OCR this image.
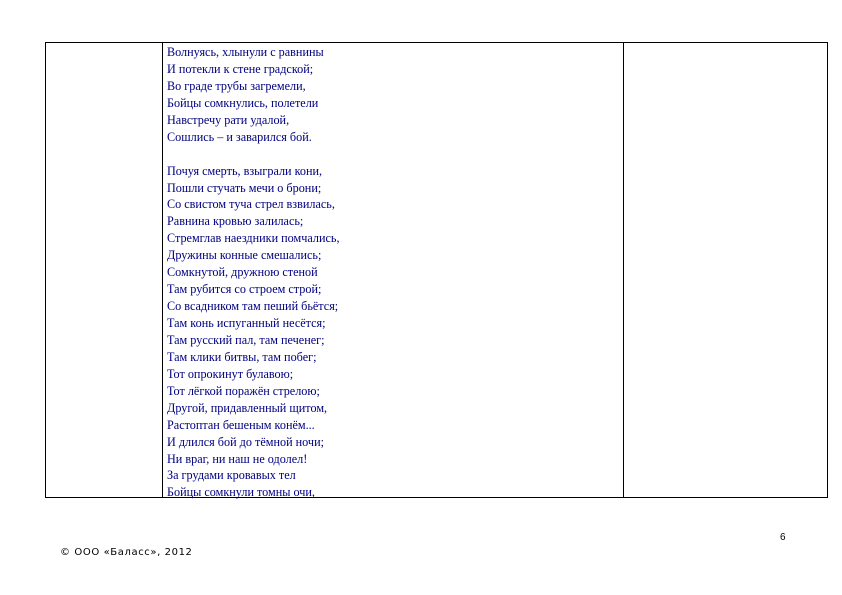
Волнуясь, хлынули с равнины
И потекли к стене градской;
Во граде трубы загремели,
Бойцы сомкнулись, полетели
Навстречу рати удалой,
Сошлись – и заварился бой.
Почуя смерть, взыграли кони,
Пошли стучать мечи о брони;
Со свистом туча стрел взвилась,
Равнина кровью залилась;
Стремглав наездники помчались,
Дружины конные смешались;
Сомкнутой, дружною стеной
Там рубится со строем строй;
Со всадником там пеший бьётся;
Там конь испуганный несётся;
Там русский пал, там печенег;
Там клики битвы, там побег;
Тот опрокинут булавою;
Тот лёгкой поражён стрелою;
Другой, придавленный щитом,
Растоптан бешеным конём...
И длился бой до тёмной ночи;
Ни враг, ни наш не одолел!
За грудами кровавых тел
Бойцы сомкнули томны очи,
6
© ООО «Баласс», 2012
